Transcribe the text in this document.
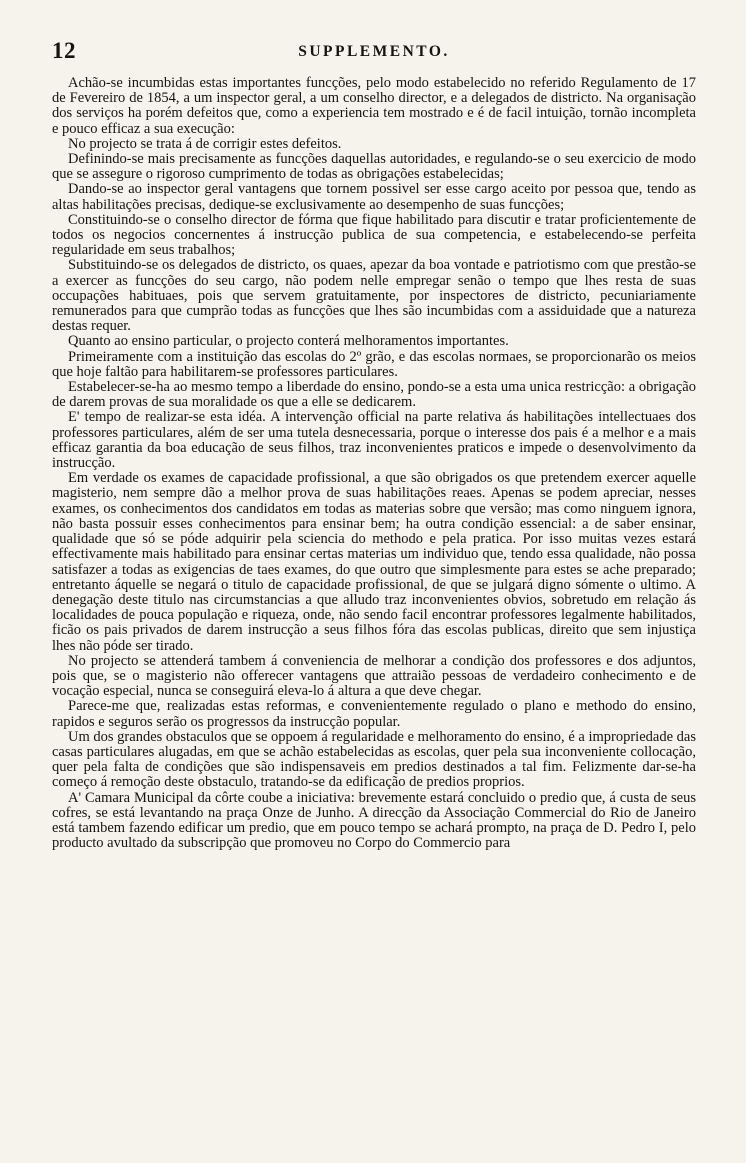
12	SUPPLEMENTO.

Achão-se incumbidas estas importantes funcções, pelo modo estabelecido no referido Regulamento de 17 de Fevereiro de 1854, a um inspector geral, a um conselho director, e a delegados de districto. Na organisação dos serviços ha porém defeitos que, como a experiencia tem mostrado e é de facil intuição, tornão incompleta e pouco efficaz a sua execução:

No projecto se trata á de corrigir estes defeitos.

Definindo-se mais precisamente as funcções daquellas autoridades, e regulando-se o seu exercicio de modo que se assegure o rigoroso cumprimento de todas as obrigações estabelecidas;

Dando-se ao inspector geral vantagens que tornem possivel ser esse cargo aceito por pessoa que, tendo as altas habilitações precisas, dedique-se exclusivamente ao desempenho de suas funcções;

Constituindo-se o conselho director de fórma que fique habilitado para discutir e tratar proficientemente de todos os negocios concernentes á instrucção publica de sua competencia, e estabelecendo-se perfeita regularidade em seus trabalhos;

Substituindo-se os delegados de districto, os quaes, apezar da boa vontade e patriotismo com que prestão-se a exercer as funcções do seu cargo, não podem nelle empregar senão o tempo que lhes resta de suas occupações habituaes, pois que servem gratuitamente, por inspectores de districto, pecuniariamente remunerados para que cumprão todas as funcções que lhes são incumbidas com a assiduidade que a natureza destas requer.

Quanto ao ensino particular, o projecto conterá melhoramentos importantes.

Primeiramente com a instituição das escolas do 2º grão, e das escolas normaes, se proporcionarão os meios que hoje faltão para habilitarem-se professores particulares.

Estabelecer-se-ha ao mesmo tempo a liberdade do ensino, pondo-se a esta uma unica restricção: a obrigação de darem provas de sua moralidade os que a elle se dedicarem.

E' tempo de realizar-se esta idéa. A intervenção official na parte relativa ás habilitações intellectuaes dos professores particulares, além de ser uma tutela desnecessaria, porque o interesse dos pais é a melhor e a mais efficaz garantia da boa educação de seus filhos, traz inconvenientes praticos e impede o desenvolvimento da instrucção.

Em verdade os exames de capacidade profissional, a que são obrigados os que pretendem exercer aquelle magisterio, nem sempre dão a melhor prova de suas habilitações reaes. Apenas se podem apreciar, nesses exames, os conhecimentos dos candidatos em todas as materias sobre que versão; mas como ninguem ignora, não basta possuir esses conhecimentos para ensinar bem; ha outra condição essencial: a de saber ensinar, qualidade que só se póde adquirir pela sciencia do methodo e pela pratica. Por isso muitas vezes estará effectivamente mais habilitado para ensinar certas materias um individuo que, tendo essa qualidade, não possa satisfazer a todas as exigencias de taes exames, do que outro que simplesmente para estes se ache preparado; entretanto áquelle se negará o titulo de capacidade profissional, de que se julgará digno sómente o ultimo. A denegação deste titulo nas circumstancias a que alludo traz inconvenientes obvios, sobretudo em relação ás localidades de pouca população e riqueza, onde, não sendo facil encontrar professores legalmente habilitados, ficão os pais privados de darem instrucção a seus filhos fóra das escolas publicas, direito que sem injustiça lhes não póde ser tirado.

No projecto se attenderá tambem á conveniencia de melhorar a condição dos professores e dos adjuntos, pois que, se o magisterio não offerecer vantagens que attraião pessoas de verdadeiro conhecimento e de vocação especial, nunca se conseguirá eleva-lo á altura a que deve chegar.

Parece-me que, realizadas estas reformas, e convenientemente regulado o plano e methodo do ensino, rapidos e seguros serão os progressos da instrucção popular.

Um dos grandes obstaculos que se oppoem á regularidade e melhoramento do ensino, é a impropriedade das casas particulares alugadas, em que se achão estabelecidas as escolas, quer pela sua inconveniente collocação, quer pela falta de condições que são indispensaveis em predios destinados a tal fim. Felizmente dar-se-ha começo á remoção deste obstaculo, tratando-se da edificação de predios proprios.

A' Camara Municipal da côrte coube a iniciativa: brevemente estará concluido o predio que, á custa de seus cofres, se está levantando na praça Onze de Junho. A direcção da Associação Commercial do Rio de Janeiro está tambem fazendo edificar um predio, que em pouco tempo se achará prompto, na praça de D. Pedro I, pelo producto avultado da subscripção que promoveu no Corpo do Commercio para
